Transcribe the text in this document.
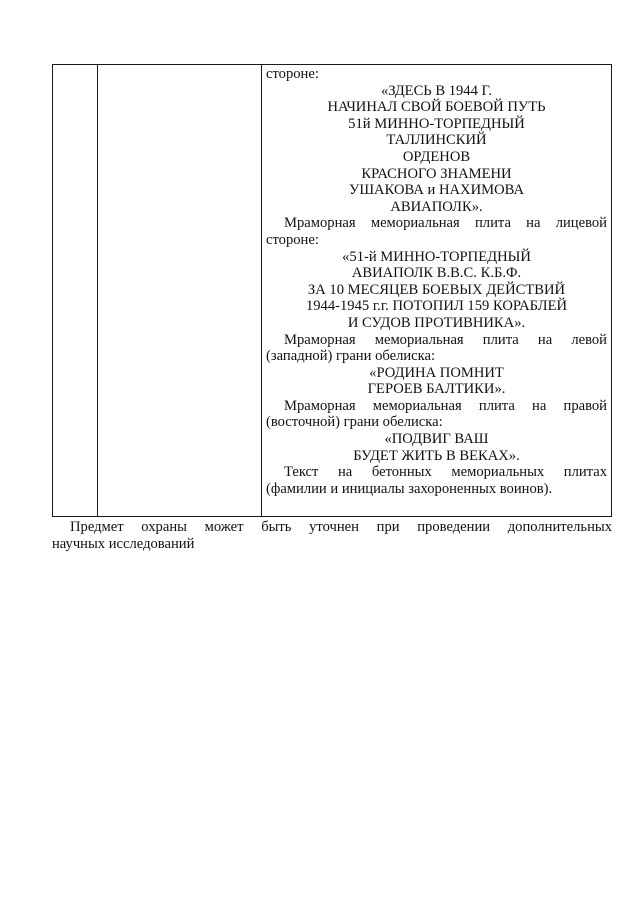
стороне:
«ЗДЕСЬ В 1944 Г.
НАЧИНАЛ СВОЙ БОЕВОЙ ПУТЬ
51й МИННО-ТОРПЕДНЫЙ
ТАЛЛИНСКИЙ
ОРДЕНОВ
КРАСНОГО ЗНАМЕНИ
УШАКОВА и НАХИМОВА
АВИАПОЛК».
Мраморная мемориальная плита на лицевой
стороне:
«51-й МИННО-ТОРПЕДНЫЙ
АВИАПОЛК В.В.С. К.Б.Ф.
ЗА 10 МЕСЯЦЕВ БОЕВЫХ ДЕЙСТВИЙ
1944-1945 г.г. ПОТОПИЛ 159 КОРАБЛЕЙ
И СУДОВ ПРОТИВНИКА».
Мраморная мемориальная плита на левой
(западной) грани обелиска:
«РОДИНА ПОМНИТ
ГЕРОЕВ БАЛТИКИ».
Мраморная мемориальная плита на правой
(восточной) грани обелиска:
«ПОДВИГ ВАШ
БУДЕТ ЖИТЬ В ВЕКАХ».
Текст на бетонных мемориальных плитах
(фамилии и инициалы захороненных воинов).
Предмет охраны может быть уточнен при проведении дополнительных
научных исследований
